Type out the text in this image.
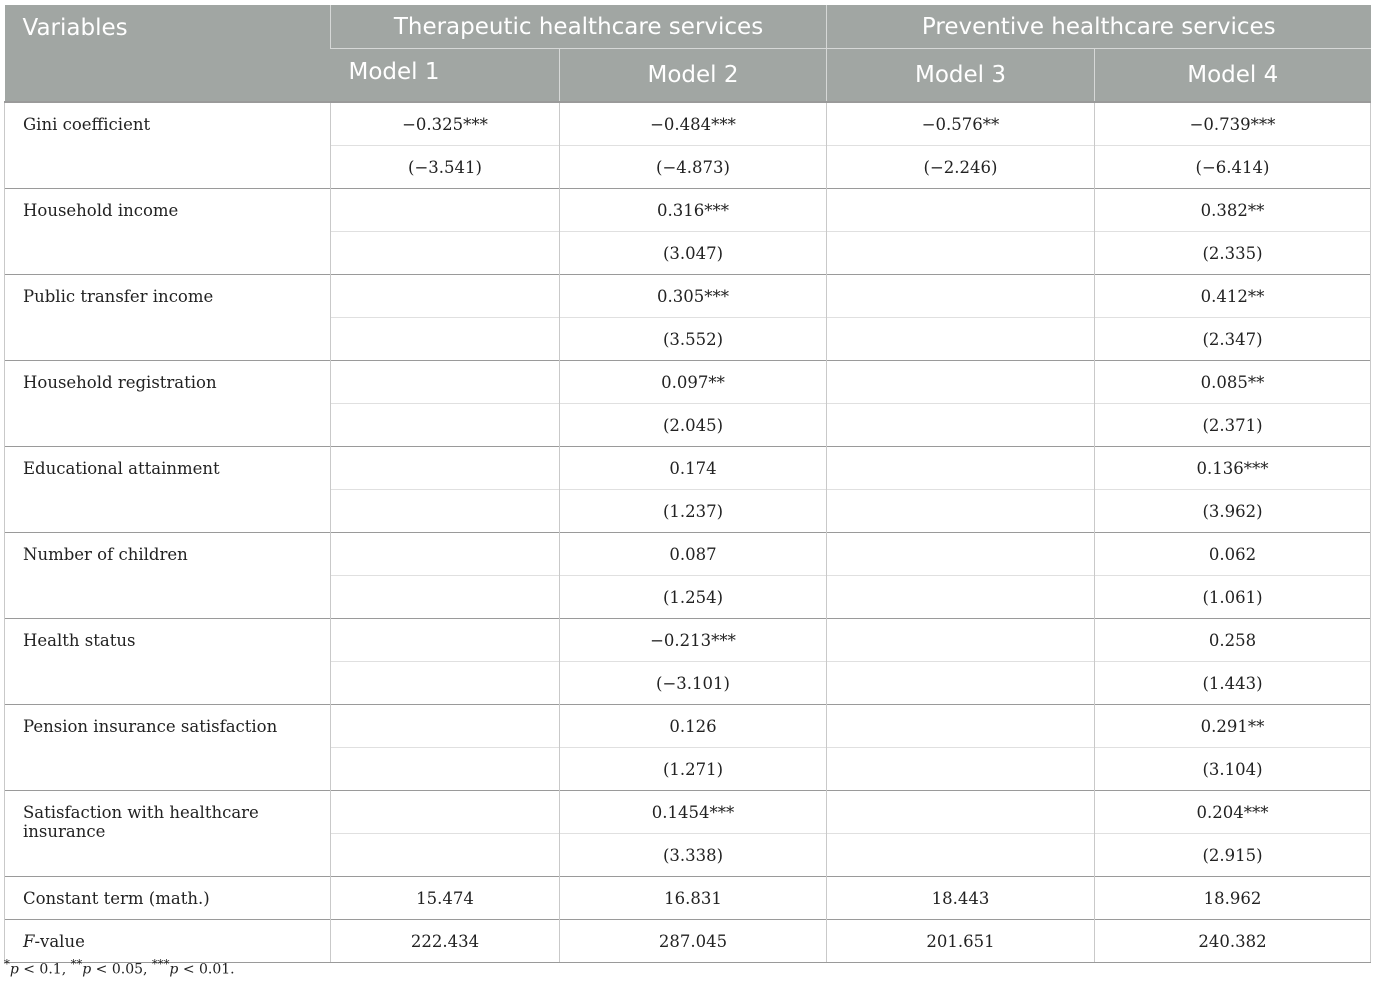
Variables	Therapeutic healthcare services		Preventive healthcare services	
	Model 1	Model 2	Model 3	Model 4
Gini coefficient	−0.325***	−0.484***	−0.576**	−0.739***
	(−3.541)	(−4.873)	(−2.246)	(−6.414)
Household income		0.316***		0.382**
		(3.047)		(2.335)
Public transfer income		0.305***		0.412**
		(3.552)		(2.347)
Household registration		0.097**		0.085**
		(2.045)		(2.371)
Educational attainment		0.174		0.136***
		(1.237)		(3.962)
Number of children		0.087		0.062
		(1.254)		(1.061)
Health status		−0.213***		0.258
		(−3.101)		(1.443)
Pension insurance satisfaction		0.126		0.291**
		(1.271)		(3.104)
Satisfaction with healthcare insurance		0.1454***		0.204***
		(3.338)		(2.915)
Constant term (math.)	15.474	16.831	18.443	18.962
F-value	222.434	287.045	201.651	240.382
*p < 0.1, **p < 0.05, ***p < 0.01.
